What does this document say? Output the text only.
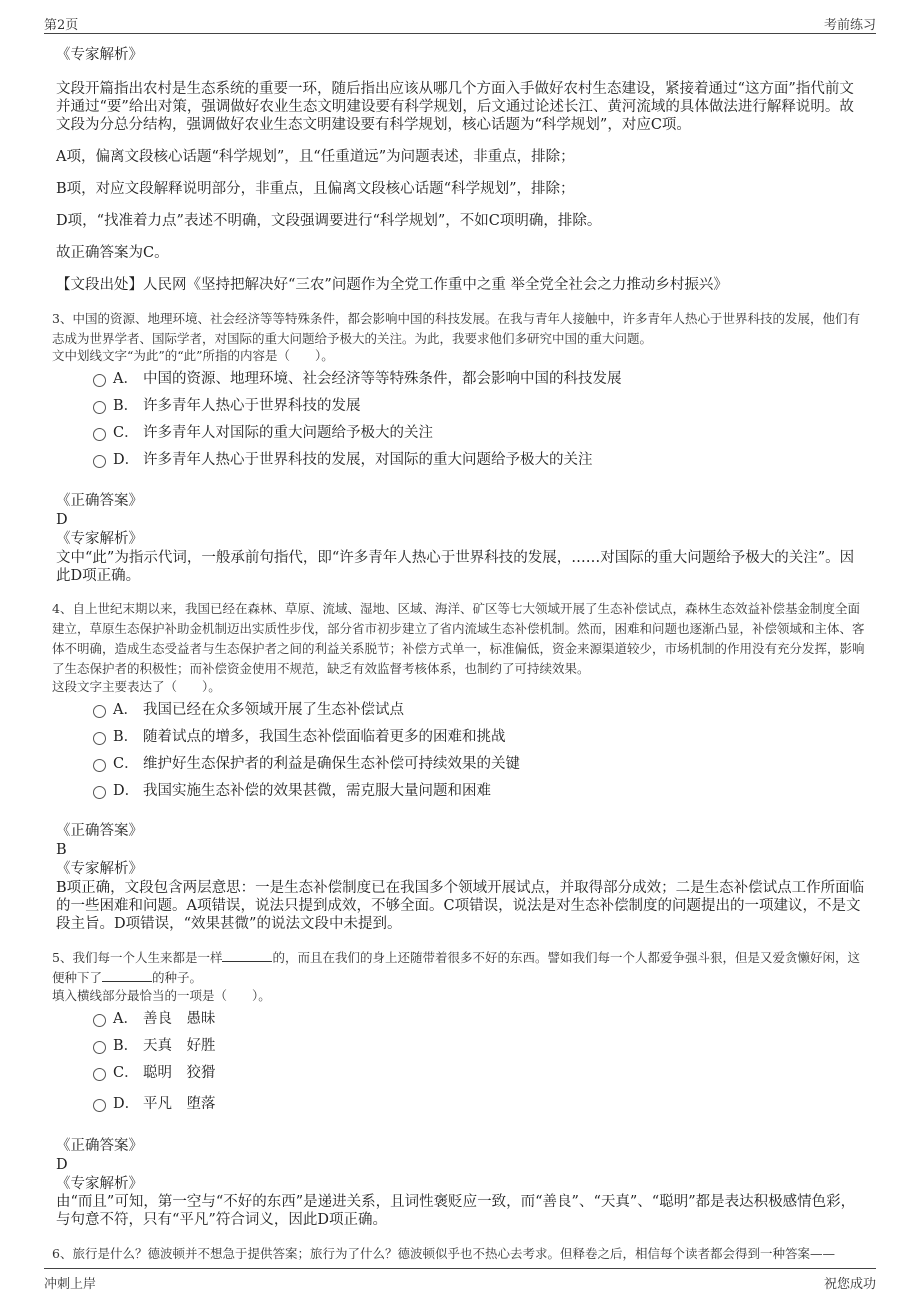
第2页	考前练习
《专家解析》
文段开篇指出农村是生态系统的重要一环，随后指出应该从哪几个方面入手做好农村生态建设，紧接着通过“这方面”指代前文并通过“要”给出对策，强调做好农业生态文明建设要有科学规划，后文通过论述长江、黄河流域的具体做法进行解释说明。故文段为分总分结构，强调做好农业生态文明建设要有科学规划，核心话题为“科学规划”，对应C项。
A项，偏离文段核心话题“科学规划”，且“任重道远”为问题表述，非重点，排除；
B项，对应文段解释说明部分，非重点，且偏离文段核心话题“科学规划”，排除；
D项，“找准着力点”表述不明确，文段强调要进行“科学规划”，不如C项明确，排除。
故正确答案为C。
【文段出处】人民网《坚持把解决好“三农”问题作为全党工作重中之重 举全党全社会之力推动乡村振兴》
3、中国的资源、地理环境、社会经济等等特殊条件，都会影响中国的科技发展。在我与青年人接触中，许多青年人热心于世界科技的发展，他们有志成为世界学者、国际学者，对国际的重大问题给予极大的关注。为此，我要求他们多研究中国的重大问题。
文中划线文字“为此”的“此”所指的内容是（　　）。
A． 中国的资源、地理环境、社会经济等等特殊条件，都会影响中国的科技发展
B． 许多青年人热心于世界科技的发展
C． 许多青年人对国际的重大问题给予极大的关注
D． 许多青年人热心于世界科技的发展，对国际的重大问题给予极大的关注
《正确答案》
D
《专家解析》
文中“此”为指示代词，一般承前句指代，即“许多青年人热心于世界科技的发展，……对国际的重大问题给予极大的关注”。因此D项正确。
4、自上世纪末期以来，我国已经在森林、草原、流域、湿地、区域、海洋、矿区等七大领域开展了生态补偿试点，森林生态效益补偿基金制度全面建立，草原生态保护补助金机制迈出实质性步伐，部分省市初步建立了省内流域生态补偿机制。然而，困难和问题也逐渐凸显，补偿领域和主体、客体不明确，造成生态受益者与生态保护者之间的利益关系脱节；补偿方式单一，标准偏低，资金来源渠道较少，市场机制的作用没有充分发挥，影响了生态保护者的积极性；而补偿资金使用不规范，缺乏有效监督考核体系，也制约了可持续效果。
这段文字主要表达了（　　）。
A． 我国已经在众多领域开展了生态补偿试点
B． 随着试点的增多，我国生态补偿面临着更多的困难和挑战
C． 维护好生态保护者的利益是确保生态补偿可持续效果的关键
D． 我国实施生态补偿的效果甚微，需克服大量问题和困难
《正确答案》
B
《专家解析》
B项正确，文段包含两层意思：一是生态补偿制度已在我国多个领域开展试点，并取得部分成效；二是生态补偿试点工作所面临的一些困难和问题。A项错误，说法只提到成效，不够全面。C项错误，说法是对生态补偿制度的问题提出的一项建议，不是文段主旨。D项错误，“效果甚微”的说法文段中未提到。
5、我们每一个人生来都是一样	的，而且在我们的身上还随带着很多不好的东西。譬如我们每一个人都爱争强斗狠，但是又爱贪懒好闲，这便种下了	的种子。
填入横线部分最恰当的一项是（　　）。
A． 善良　愚昧
B． 天真　好胜
C． 聪明　狡猾
D． 平凡　堕落
《正确答案》
D
《专家解析》
由“而且”可知，第一空与“不好的东西”是递进关系，且词性褒贬应一致，而“善良”、“天真”、“聪明”都是表达积极感情色彩，与句意不符，只有“平凡”符合词义，因此D项正确。
6、旅行是什么？德波顿并不想急于提供答案；旅行为了什么？德波顿似乎也不热心去考求。但释卷之后，相信每个读者都会得到一种答案——
冲刺上岸	祝您成功
